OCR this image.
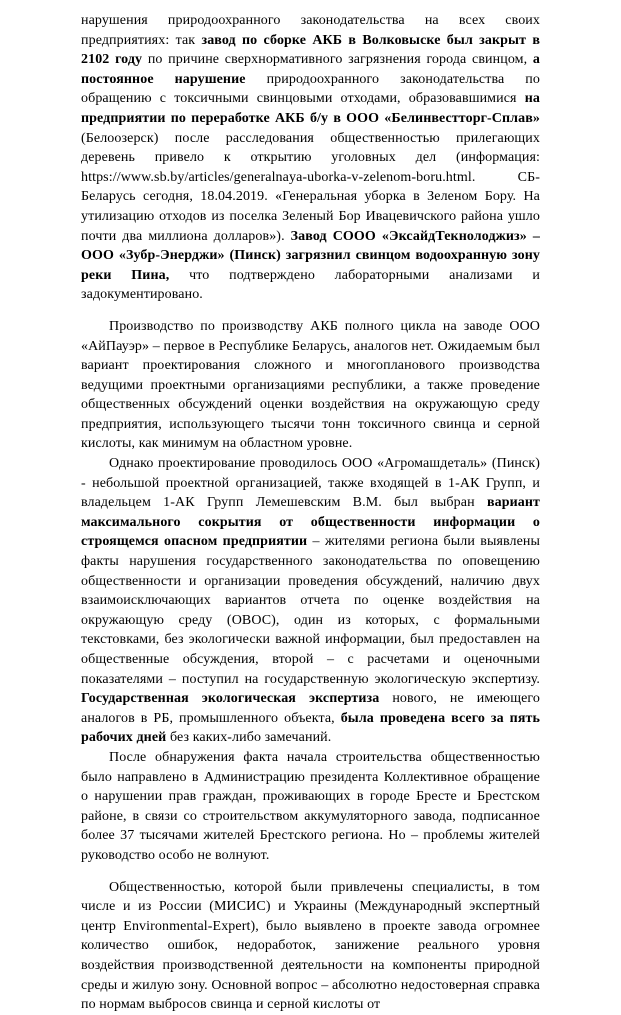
нарушения природоохранного законодательства на всех своих предприятиях: так завод по сборке АКБ в Волковыске был закрыт в 2102 году по причине сверхнормативного загрязнения города свинцом, а постоянное нарушение природоохранного законодательства по обращению с токсичными свинцовыми отходами, образовавшимися на предприятии по переработке АКБ б/у в ООО «Белинвестторг-Сплав» (Белоозерск) после расследования общественностью прилегающих деревень привело к открытию уголовных дел (информация: https://www.sb.by/articles/generalnaya-uborka-v-zelenom-boru.html. СБ-Беларусь сегодня, 18.04.2019. «Генеральная уборка в Зеленом Бору. На утилизацию отходов из поселка Зеленый Бор Ивацевичского района ушло почти два миллиона долларов»). Завод СООО «ЭксайдТекнолоджиз» – ООО «Зубр-Энерджи» (Пинск) загрязнил свинцом водоохранную зону реки Пина, что подтверждено лабораторными анализами и задокументировано.

Производство по производству АКБ полного цикла на заводе ООО «АйПауэр» – первое в Республике Беларусь, аналогов нет. Ожидаемым был вариант проектирования сложного и многопланового производства ведущими проектными организациями республики, а также проведение общественных обсуждений оценки воздействия на окружающую среду предприятия, использующего тысячи тонн токсичного свинца и серной кислоты, как минимум на областном уровне.

Однако проектирование проводилось ООО «Агромашдеталь» (Пинск) - небольшой проектной организацией, также входящей в 1-АК Групп, и владельцем 1-АК Групп Лемешевским В.М. был выбран вариант максимального сокрытия от общественности информации о строящемся опасном предприятии – жителями региона были выявлены факты нарушения государственного законодательства по оповещению общественности и организации проведения обсуждений, наличию двух взаимоисключающих вариантов отчета по оценке воздействия на окружающую среду (ОВОС), один из которых, с формальными текстовками, без экологически важной информации, был предоставлен на общественные обсуждения, второй – с расчетами и оценочными показателями – поступил на государственную экологическую экспертизу. Государственная экологическая экспертиза нового, не имеющего аналогов в РБ, промышленного объекта, была проведена всего за пять рабочих дней без каких-либо замечаний.

После обнаружения факта начала строительства общественностью было направлено в Администрацию президента Коллективное обращение о нарушении прав граждан, проживающих в городе Бресте и Брестском районе, в связи со строительством аккумуляторного завода, подписанное более 37 тысячами жителей Брестского региона. Но – проблемы жителей руководство особо не волнуют.

Общественностью, которой были привлечены специалисты, в том числе и из России (МИСИС) и Украины (Международный экспертный центр Environmental-Expert), было выявлено в проекте завода огромнее количество ошибок, недоработок, занижение реального уровня воздействия производственной деятельности на компоненты природной среды и жилую зону. Основной вопрос – абсолютно недостоверная справка по нормам выбросов свинца и серной кислоты от
